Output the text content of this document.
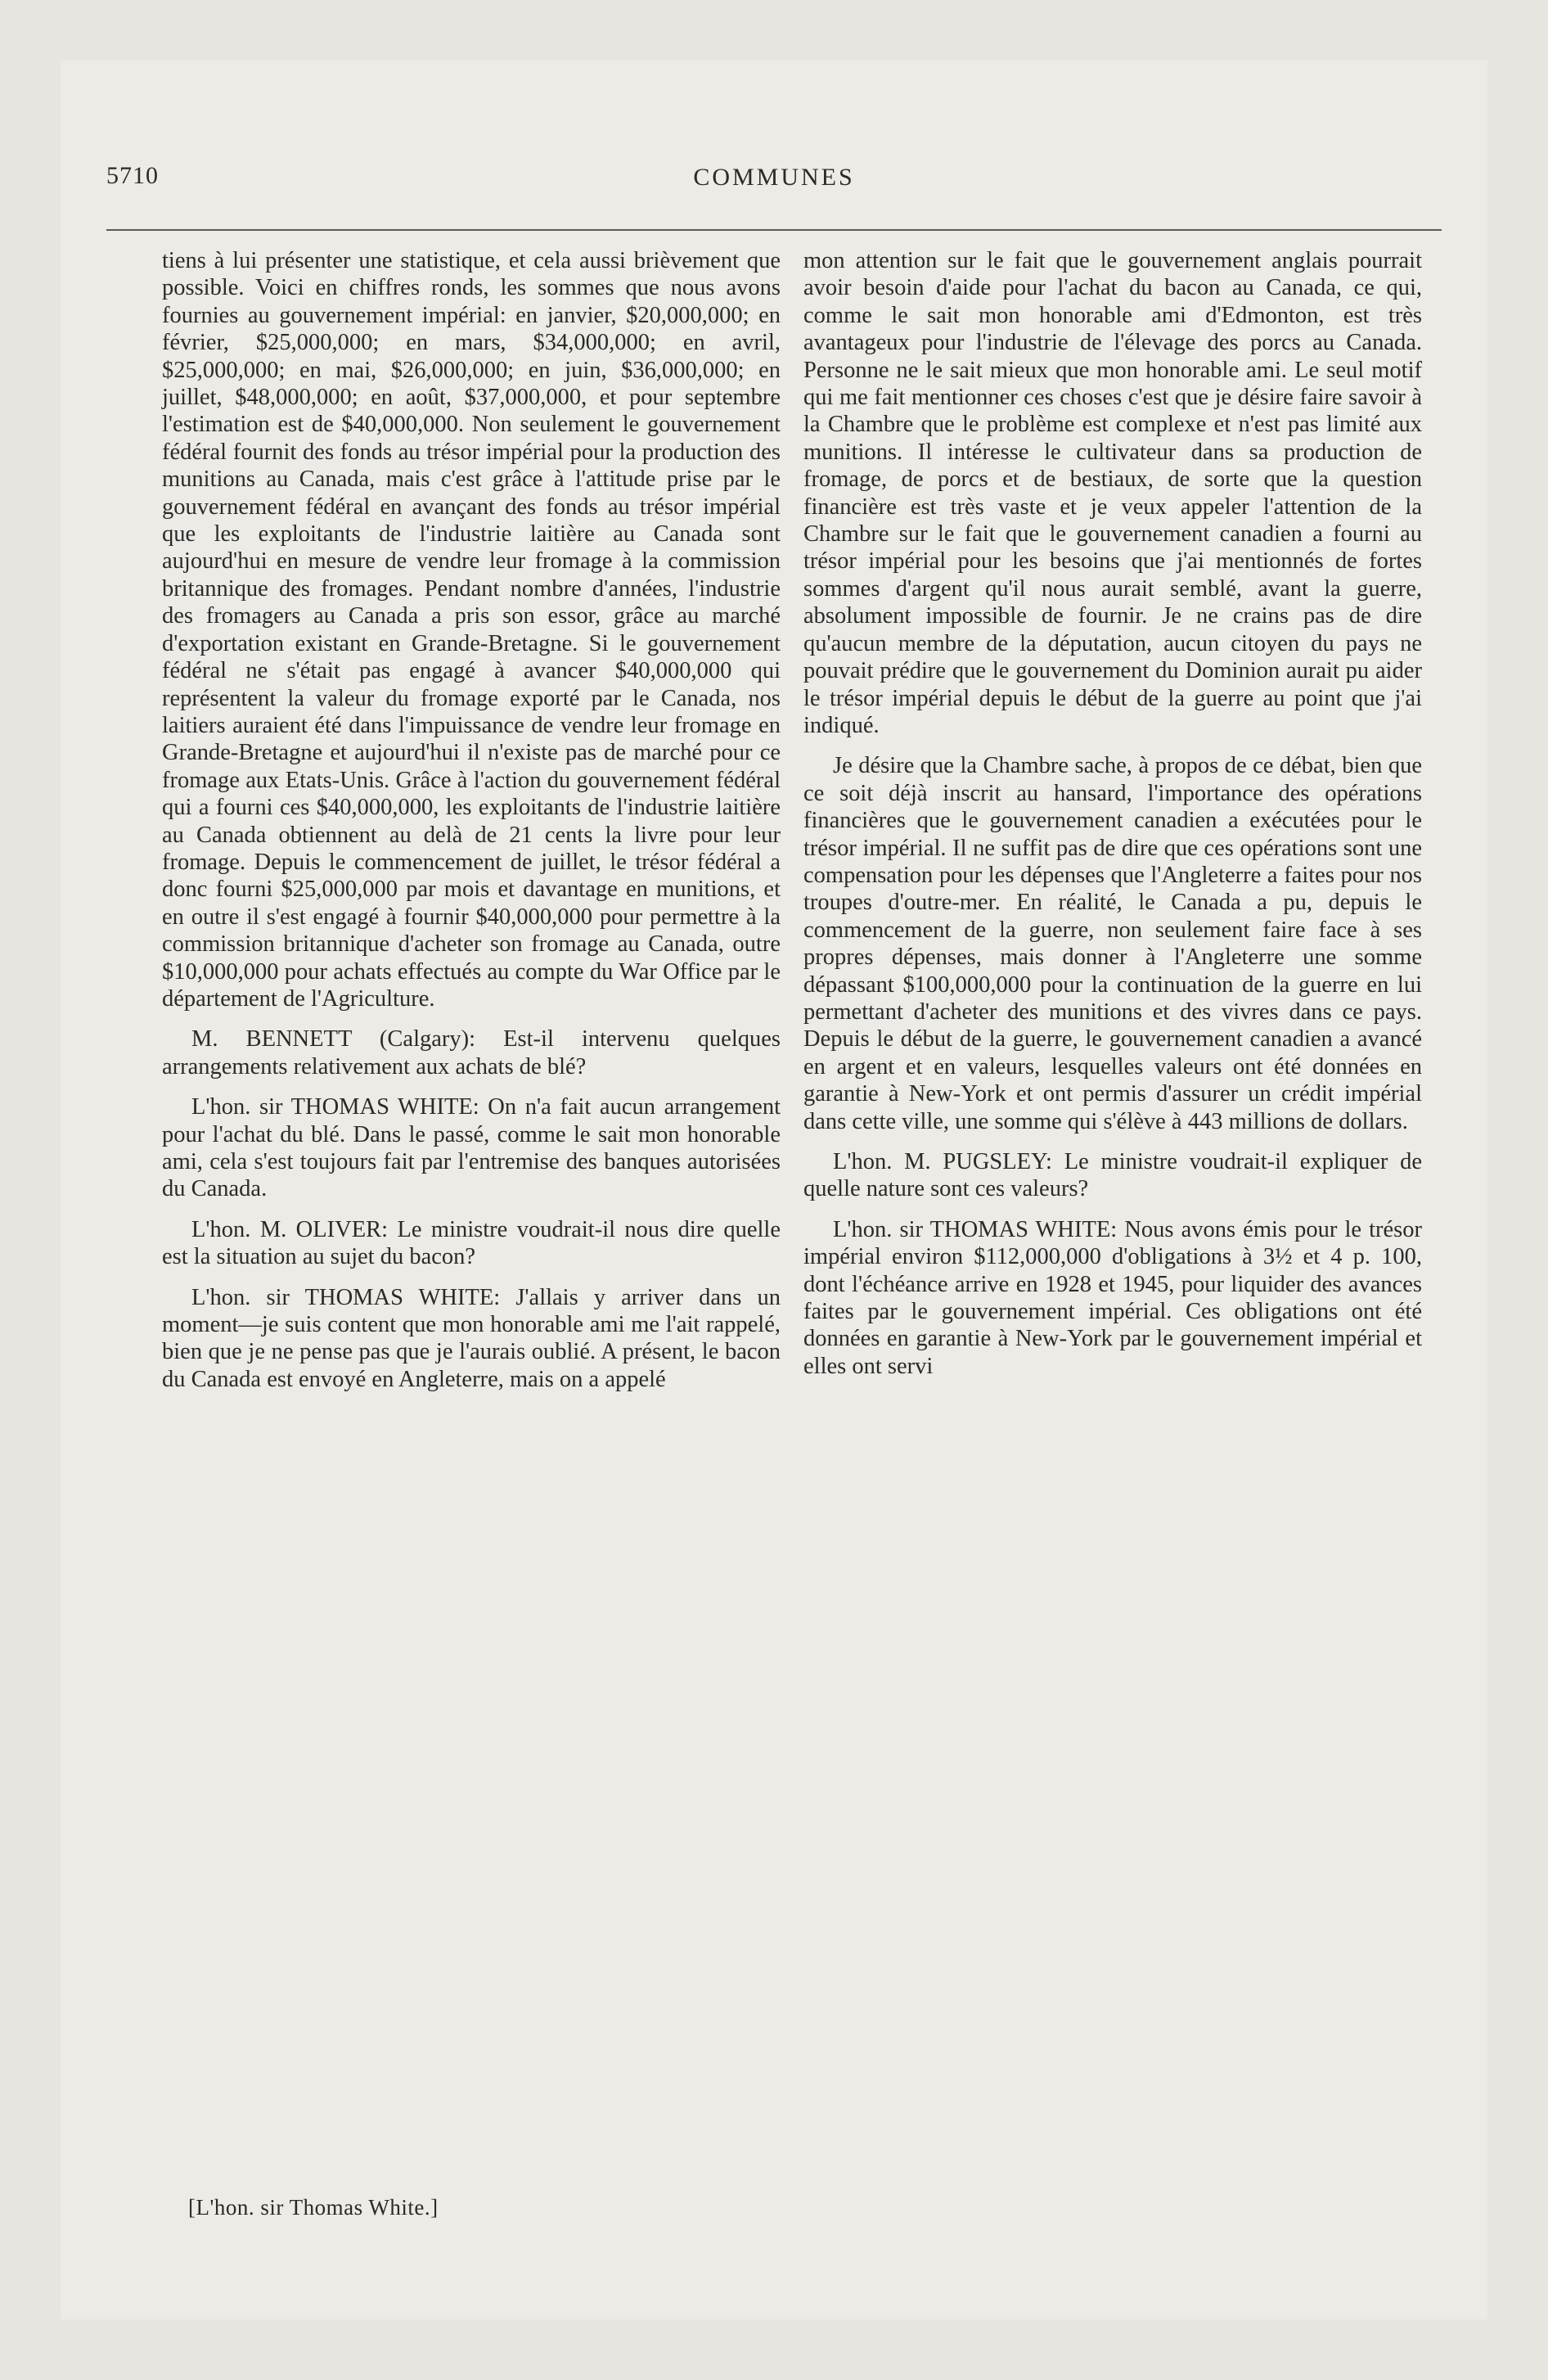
5710	COMMUNES

tiens à lui présenter une statistique, et cela aussi brièvement que possible. Voici en chiffres ronds, les sommes que nous avons fournies au gouvernement impérial: en janvier, $20,000,000; en février, $25,000,000; en mars, $34,000,000; en avril, $25,000,000; en mai, $26,000,000; en juin, $36,000,000; en juillet, $48,000,000; en août, $37,000,000, et pour septembre l'estimation est de $40,000,000. Non seulement le gouvernement fédéral fournit des fonds au trésor impérial pour la production des munitions au Canada, mais c'est grâce à l'attitude prise par le gouvernement fédéral en avançant des fonds au trésor impérial que les exploitants de l'industrie laitière au Canada sont aujourd'hui en mesure de vendre leur fromage à la commission britannique des fromages. Pendant nombre d'années, l'industrie des fromagers au Canada a pris son essor, grâce au marché d'exportation existant en Grande-Bretagne. Si le gouvernement fédéral ne s'était pas engagé à avancer $40,000,000 qui représentent la valeur du fromage exporté par le Canada, nos laitiers auraient été dans l'impuissance de vendre leur fromage en Grande-Bretagne et aujourd'hui il n'existe pas de marché pour ce fromage aux Etats-Unis. Grâce à l'action du gouvernement fédéral qui a fourni ces $40,000,000, les exploitants de l'industrie laitière au Canada obtiennent au delà de 21 cents la livre pour leur fromage. Depuis le commencement de juillet, le trésor fédéral a donc fourni $25,000,000 par mois et davantage en munitions, et en outre il s'est engagé à fournir $40,000,000 pour permettre à la commission britannique d'acheter son fromage au Canada, outre $10,000,000 pour achats effectués au compte du War Office par le département de l'Agriculture.

M. BENNETT (Calgary): Est-il intervenu quelques arrangements relativement aux achats de blé?

L'hon. sir THOMAS WHITE: On n'a fait aucun arrangement pour l'achat du blé. Dans le passé, comme le sait mon honorable ami, cela s'est toujours fait par l'entremise des banques autorisées du Canada.

L'hon. M. OLIVER: Le ministre voudrait-il nous dire quelle est la situation au sujet du bacon?

L'hon. sir THOMAS WHITE: J'allais y arriver dans un moment—je suis content que mon honorable ami me l'ait rappelé, bien que je ne pense pas que je l'aurais oublié. A présent, le bacon du Canada est envoyé en Angleterre, mais on a appelé

mon attention sur le fait que le gouvernement anglais pourrait avoir besoin d'aide pour l'achat du bacon au Canada, ce qui, comme le sait mon honorable ami d'Edmonton, est très avantageux pour l'industrie de l'élevage des porcs au Canada. Personne ne le sait mieux que mon honorable ami. Le seul motif qui me fait mentionner ces choses c'est que je désire faire savoir à la Chambre que le problème est complexe et n'est pas limité aux munitions. Il intéresse le cultivateur dans sa production de fromage, de porcs et de bestiaux, de sorte que la question financière est très vaste et je veux appeler l'attention de la Chambre sur le fait que le gouvernement canadien a fourni au trésor impérial pour les besoins que j'ai mentionnés de fortes sommes d'argent qu'il nous aurait semblé, avant la guerre, absolument impossible de fournir. Je ne crains pas de dire qu'aucun membre de la députation, aucun citoyen du pays ne pouvait prédire que le gouvernement du Dominion aurait pu aider le trésor impérial depuis le début de la guerre au point que j'ai indiqué.

Je désire que la Chambre sache, à propos de ce débat, bien que ce soit déjà inscrit au hansard, l'importance des opérations financières que le gouvernement canadien a exécutées pour le trésor impérial. Il ne suffit pas de dire que ces opérations sont une compensation pour les dépenses que l'Angleterre a faites pour nos troupes d'outre-mer. En réalité, le Canada a pu, depuis le commencement de la guerre, non seulement faire face à ses propres dépenses, mais donner à l'Angleterre une somme dépassant $100,000,000 pour la continuation de la guerre en lui permettant d'acheter des munitions et des vivres dans ce pays. Depuis le début de la guerre, le gouvernement canadien a avancé en argent et en valeurs, lesquelles valeurs ont été données en garantie à New-York et ont permis d'assurer un crédit impérial dans cette ville, une somme qui s'élève à 443 millions de dollars.

L'hon. M. PUGSLEY: Le ministre voudrait-il expliquer de quelle nature sont ces valeurs?

L'hon. sir THOMAS WHITE: Nous avons émis pour le trésor impérial environ $112,000,000 d'obligations à 3½ et 4 p. 100, dont l'échéance arrive en 1928 et 1945, pour liquider des avances faites par le gouvernement impérial. Ces obligations ont été données en garantie à New-York par le gouvernement impérial et elles ont servi

[L'hon. sir Thomas White.]
